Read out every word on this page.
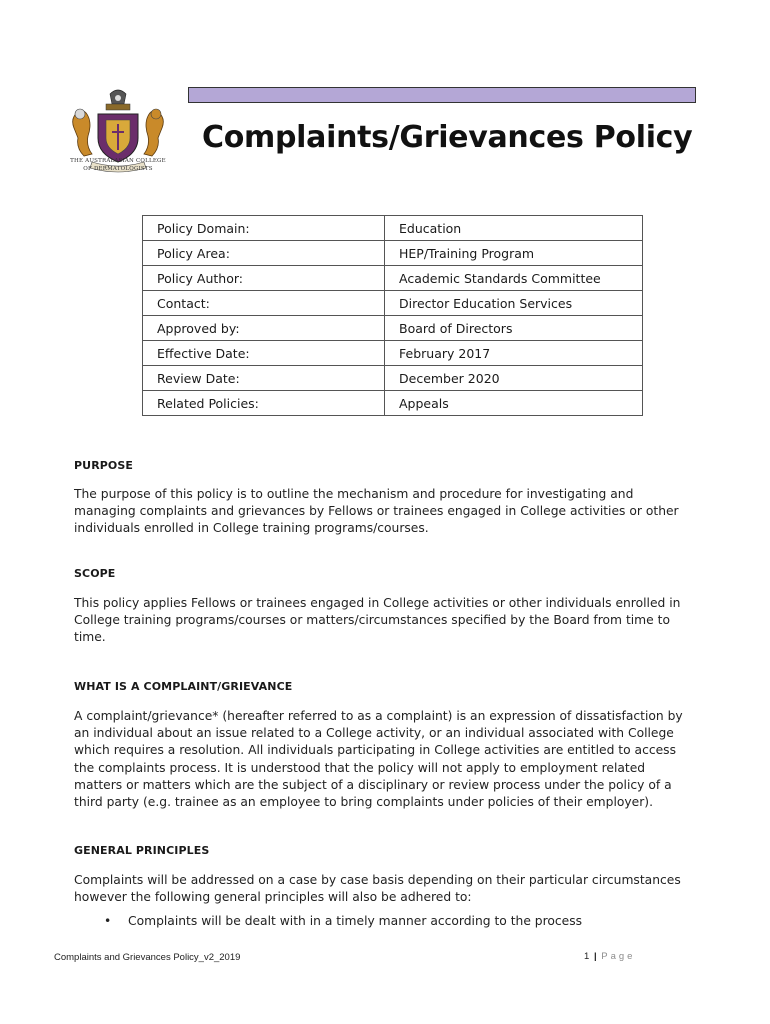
THE AUSTRALASIAN COLLEGE
OF DERMATOLOGISTS
Complaints/Grievances Policy
Policy Domain:	Education
Policy Area:	HEP/Training Program
Policy Author:	Academic Standards Committee
Contact:	Director Education Services
Approved by:	Board of Directors
Effective Date:	February 2017
Review Date:	December 2020
Related Policies:	Appeals
PURPOSE
The purpose of this policy is to outline the mechanism and procedure for investigating and
managing complaints and grievances by Fellows or trainees engaged in College activities or other
individuals enrolled in College training programs/courses.
SCOPE
This policy applies Fellows or trainees engaged in College activities or other individuals enrolled in
College training programs/courses or matters/circumstances specified by the Board from time to
time.
WHAT IS A COMPLAINT/GRIEVANCE
A complaint/grievance* (hereafter referred to as a complaint) is an expression of dissatisfaction by
an individual about an issue related to a College activity, or an individual associated with College
which requires a resolution. All individuals participating in College activities are entitled to access
the complaints process. It is understood that the policy will not apply to employment related
matters or matters which are the subject of a disciplinary or review process under the policy of a
third party (e.g. trainee as an employee to bring complaints under policies of their employer).
GENERAL PRINCIPLES
Complaints will be addressed on a case by case basis depending on their particular circumstances
however the following general principles will also be adhered to:
• Complaints will be dealt with in a timely manner according to the process
Complaints and Grievances Policy_v2_2019	1 | Page
